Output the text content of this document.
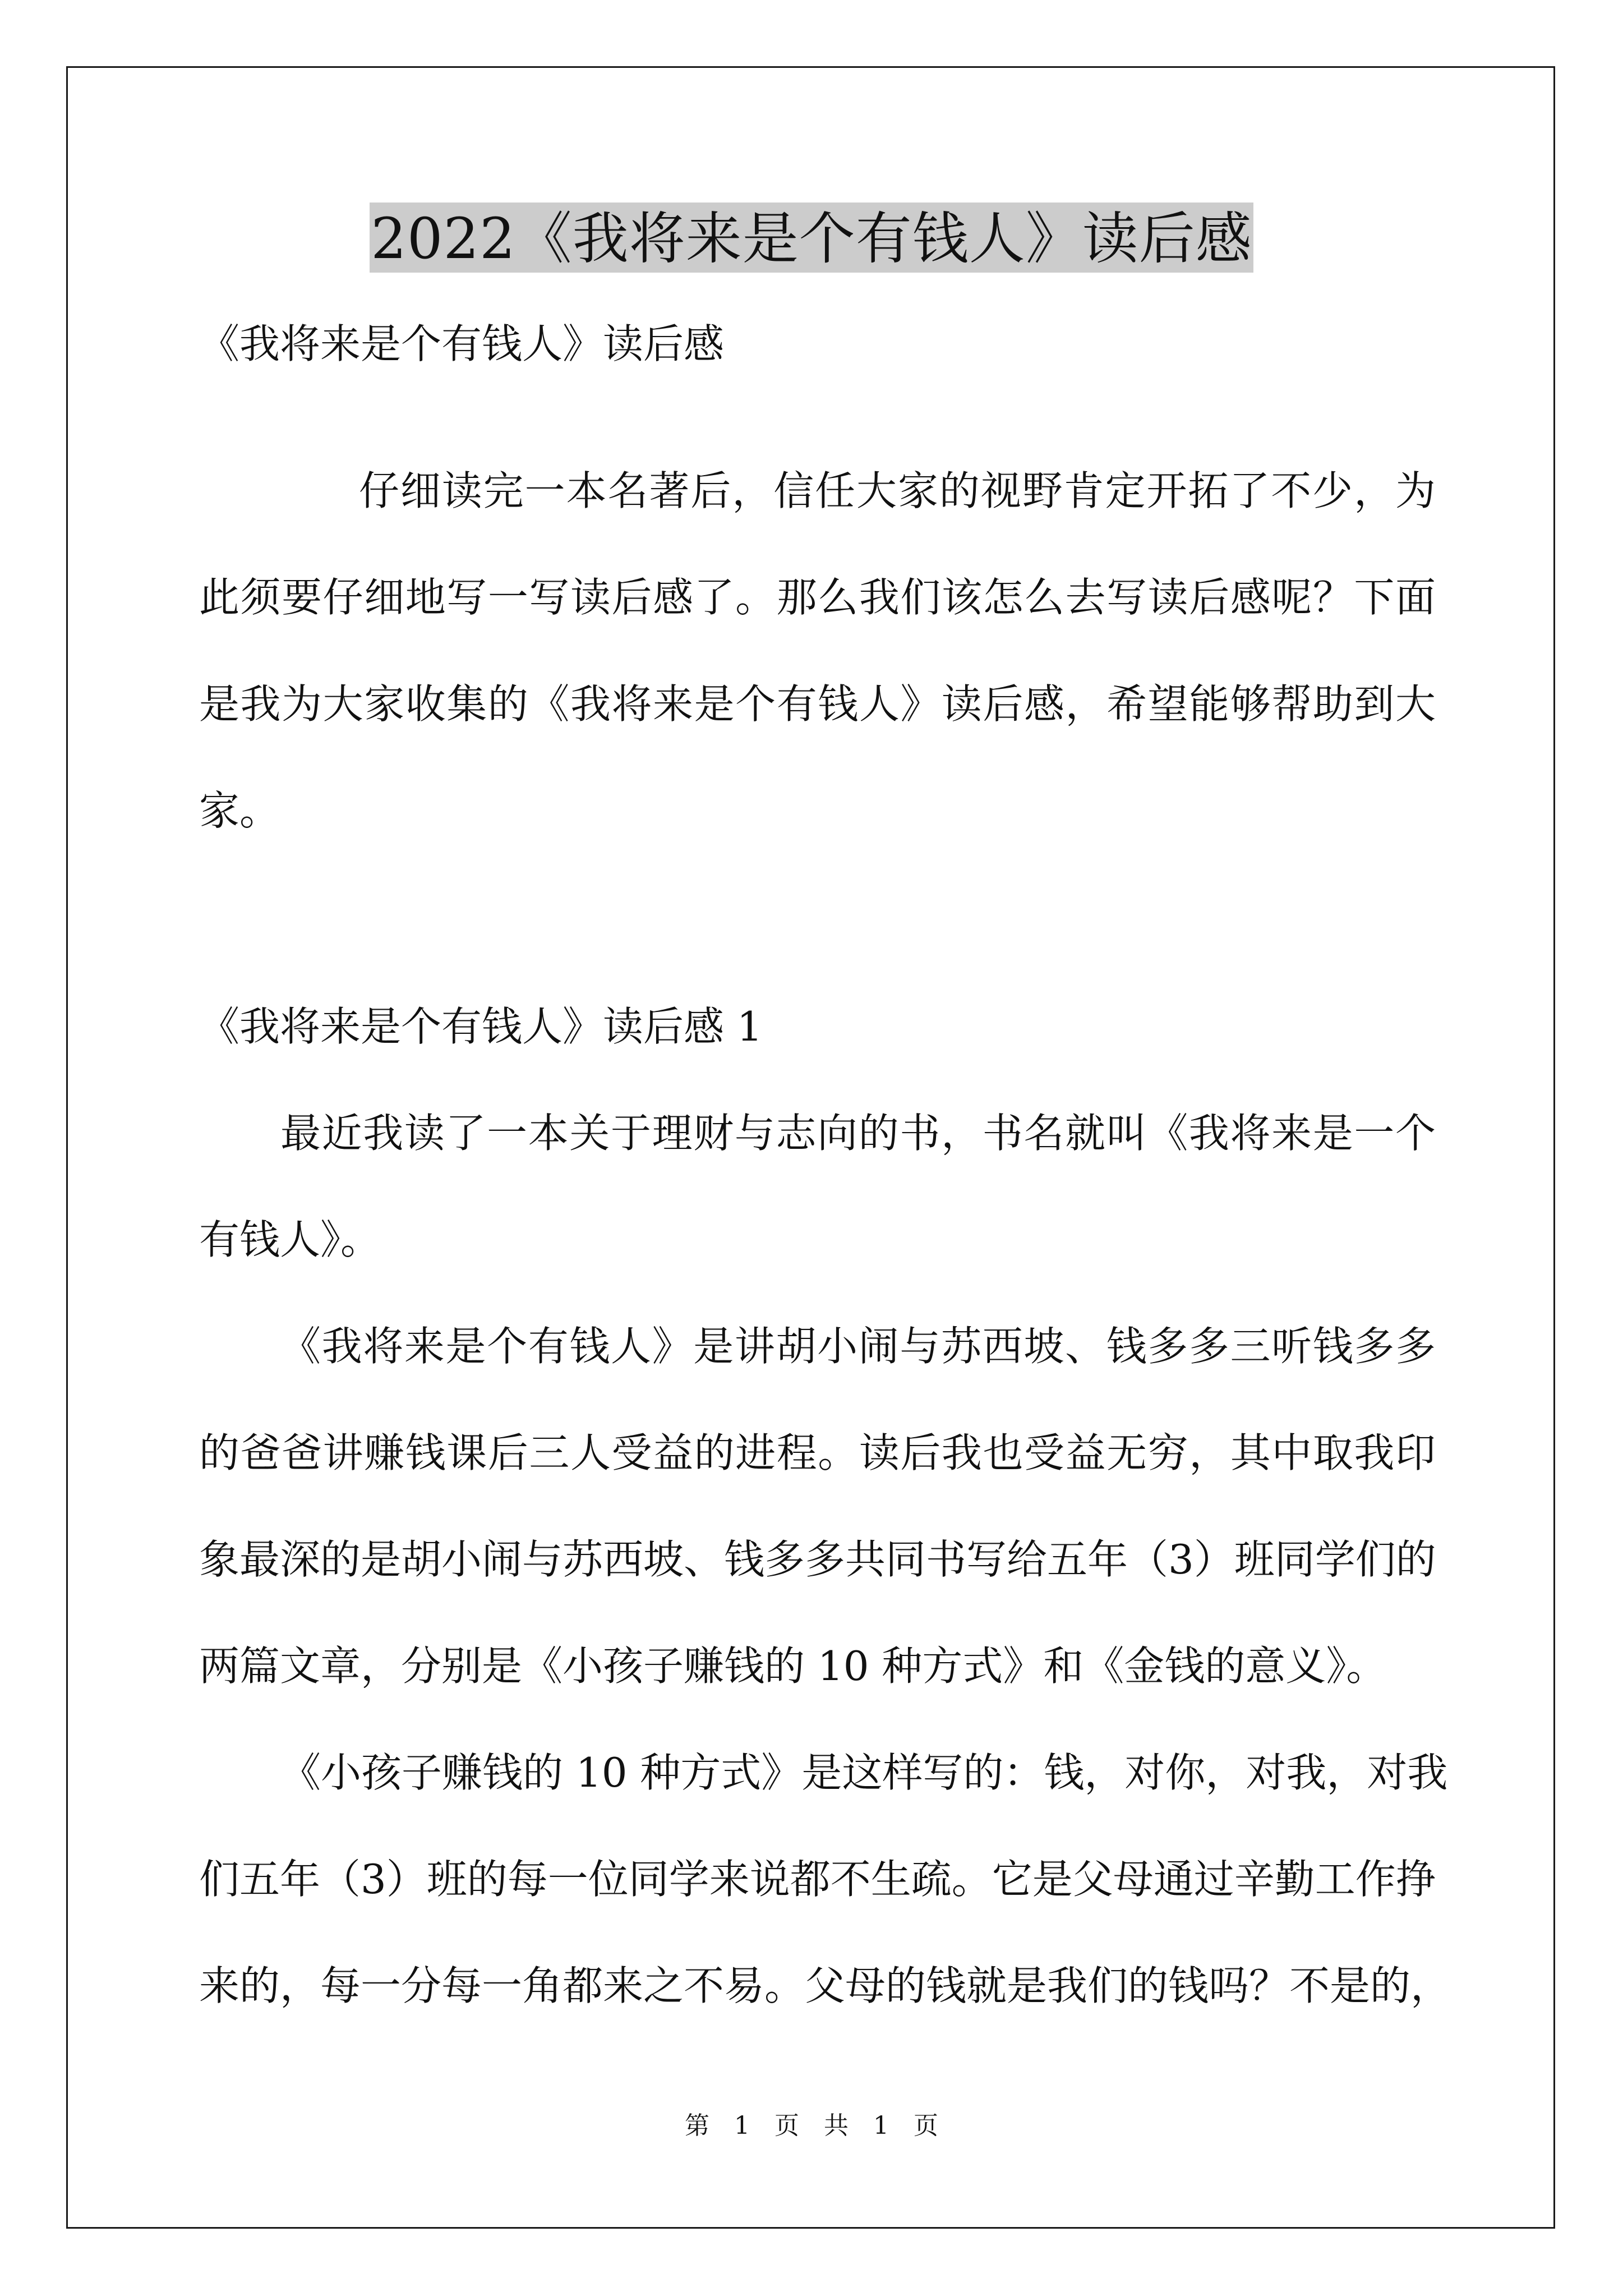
2022《我将来是个有钱人》读后感
《我将来是个有钱人》读后感
仔细读完一本名著后，信任大家的视野肯定开拓了不少，为
此须要仔细地写一写读后感了。那么我们该怎么去写读后感呢？下面
是我为大家收集的《我将来是个有钱人》读后感，希望能够帮助到大
家。
《我将来是个有钱人》读后感 1
最近我读了一本关于理财与志向的书，书名就叫《我将来是一个
有钱人》。
《我将来是个有钱人》是讲胡小闹与苏西坡、钱多多三听钱多多
的爸爸讲赚钱课后三人受益的进程。读后我也受益无穷，其中取我印
象最深的是胡小闹与苏西坡、钱多多共同书写给五年（3）班同学们的
两篇文章，分别是《小孩子赚钱的 10 种方式》和《金钱的意义》。
《小孩子赚钱的 10 种方式》是这样写的：钱，对你，对我，对我
们五年（3）班的每一位同学来说都不生疏。它是父母通过辛勤工作挣
来的，每一分每一角都来之不易。父母的钱就是我们的钱吗？不是的，
第 1 页 共 1 页
